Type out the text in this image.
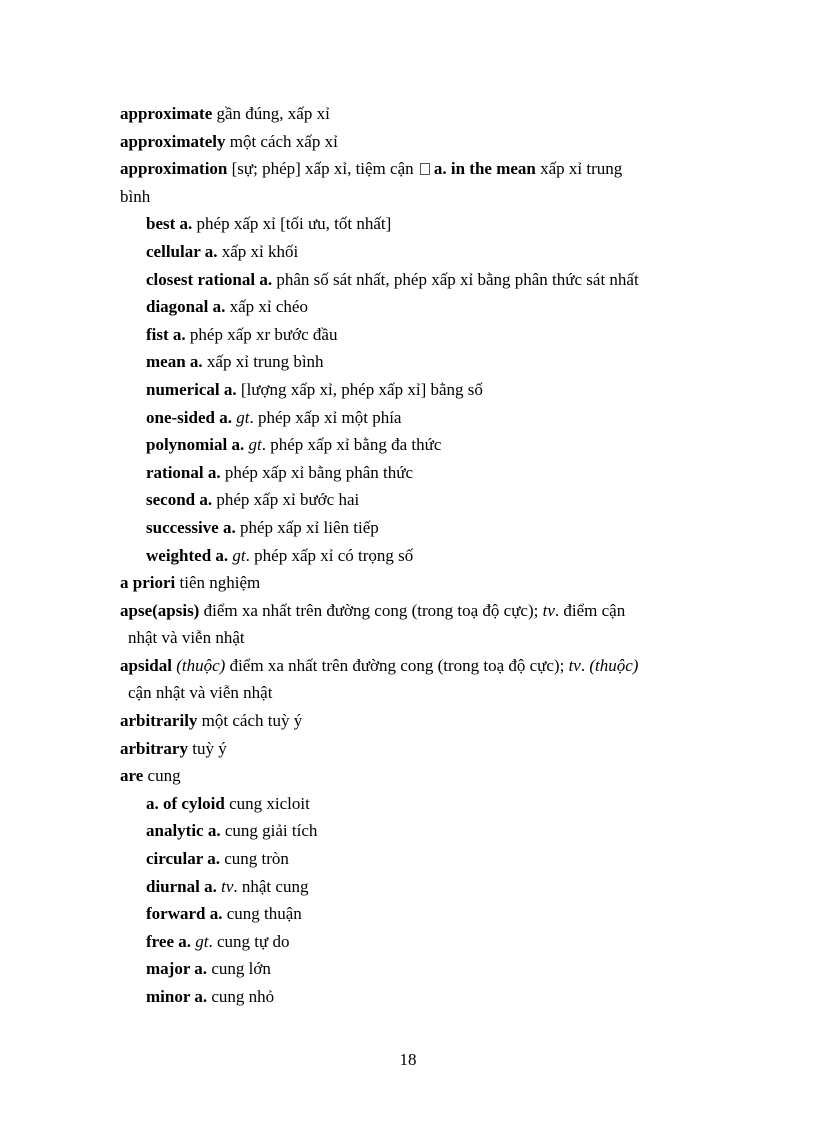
approximate gần đúng, xấp xỉ
approximately một cách xấp xỉ
approximation [sự; phép] xấp xỉ, tiệm cận a. in the mean xấp xỉ trung
bình
best a. phép xấp xỉ [tối ưu, tốt nhất]
cellular a. xấp xỉ khối
closest rational a. phân số sát nhất, phép xấp xỉ bằng phân thức sát nhất
diagonal a. xấp xỉ chéo
fist a. phép xấp xr bước đầu
mean a. xấp xỉ trung bình
numerical a. [lượng xấp xỉ, phép xấp xỉ] bằng số
one-sided a. gt. phép xấp xỉ một phía
polynomial a. gt. phép xấp xỉ bằng đa thức
rational a. phép xấp xỉ bằng phân thức
second a. phép xấp xỉ bước hai
successive a. phép xấp xỉ liên tiếp
weighted a. gt. phép xấp xỉ có trọng số
a priori tiên nghiệm
apse(apsis) điểm xa nhất trên đường cong (trong toạ độ cực); tv. điểm cận
nhật và viễn nhật
apsidal (thuộc) điểm xa nhất trên đường cong (trong toạ độ cực); tv. (thuộc)
cận nhật và viễn nhật
arbitrarily một cách tuỳ ý
arbitrary tuỳ ý
are cung
a. of cyloid cung xicloit
analytic a. cung giải tích
circular a. cung tròn
diurnal a. tv. nhật cung
forward a. cung thuận
free a. gt. cung tự do
major a. cung lớn
minor a. cung nhỏ
18
